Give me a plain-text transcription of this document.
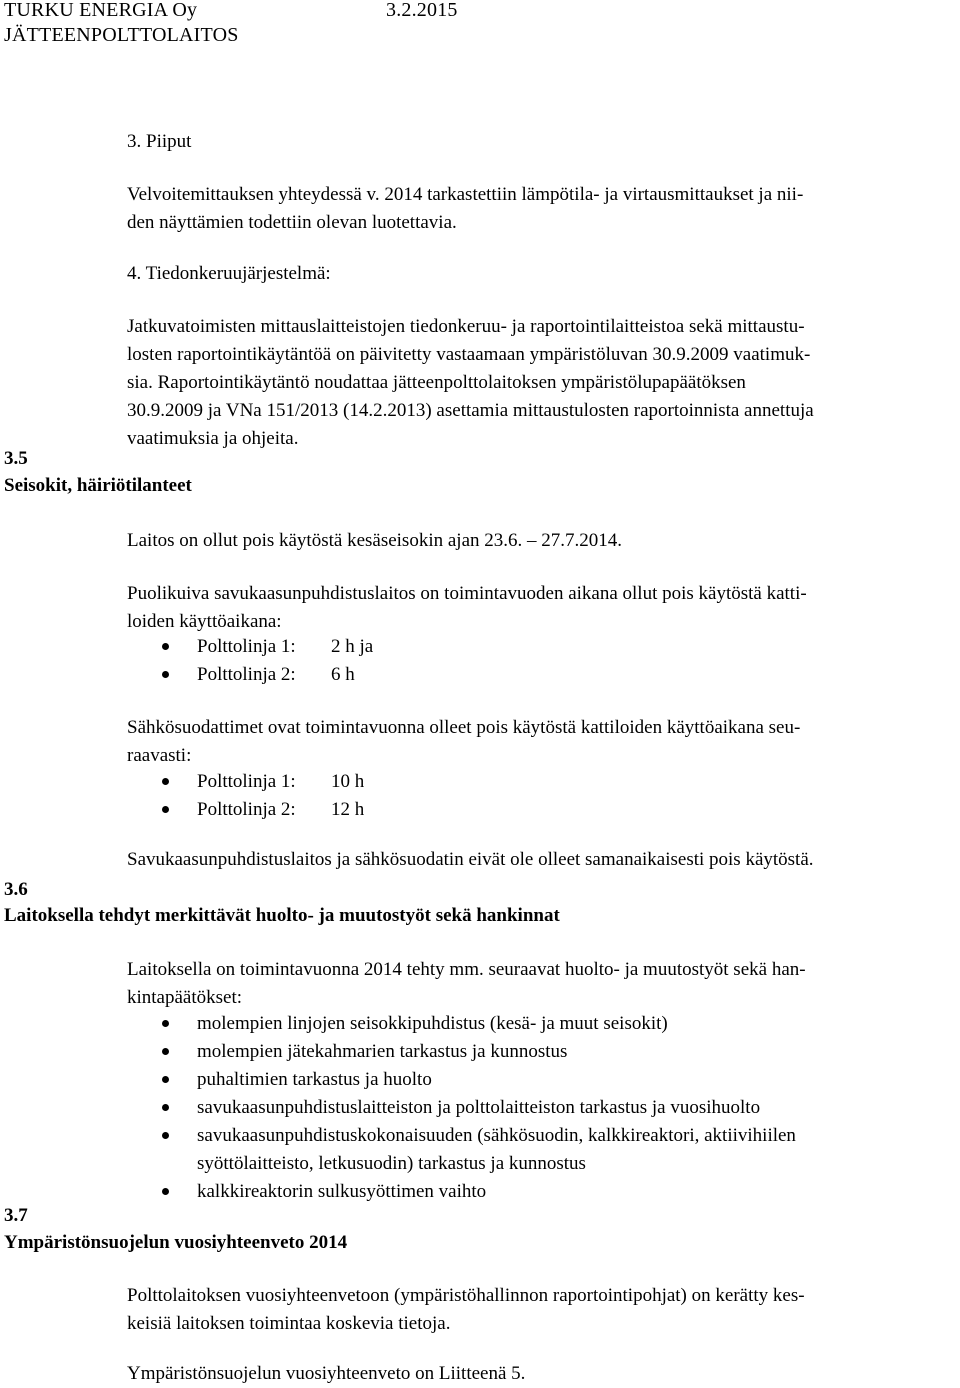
TURKU ENERGIA Oy	3.2.2015
JÄTTEENPOLTTOLAITOS
3. Piiput
Velvoitemittauksen yhteydessä v. 2014 tarkastettiin lämpötila- ja virtausmittaukset ja nii-
den näyttämien todettiin olevan luotettavia.
4. Tiedonkeruujärjestelmä:
Jatkuvatoimisten mittauslaitteistojen tiedonkeruu- ja raportointilaitteistoa sekä mittaustu-
losten raportointikäytäntöä on päivitetty vastaamaan ympäristöluvan 30.9.2009 vaatimuk-
sia. Raportointikäytäntö noudattaa jätteenpolttolaitoksen ympäristölupapäätöksen
30.9.2009 ja VNa 151/2013 (14.2.2013) asettamia mittaustulosten raportoinnista annettuja
vaatimuksia ja ohjeita.
3.5
Seisokit, häiriötilanteet
Laitos on ollut pois käytöstä kesäseisokin ajan 23.6. – 27.7.2014.
Puolikuiva savukaasunpuhdistuslaitos on toimintavuoden aikana ollut pois käytöstä katti-
loiden käyttöaikana:
Polttolinja 1: 2 h ja
Polttolinja 2: 6 h
Sähkösuodattimet ovat toimintavuonna olleet pois käytöstä kattiloiden käyttöaikana seu-
raavasti:
Polttolinja 1: 10 h
Polttolinja 2: 12 h
Savukaasunpuhdistuslaitos ja sähkösuodatin eivät ole olleet samanaikaisesti pois käytöstä.
3.6
Laitoksella tehdyt merkittävät huolto- ja muutostyöt sekä hankinnat
Laitoksella on toimintavuonna 2014 tehty mm. seuraavat huolto- ja muutostyöt sekä han-
kintapäätökset:
molempien linjojen seisokkipuhdistus (kesä- ja muut seisokit)
molempien jätekahmarien tarkastus ja kunnostus
puhaltimien tarkastus ja huolto
savukaasunpuhdistuslaitteiston ja polttolaitteiston tarkastus ja vuosihuolto
savukaasunpuhdistuskokonaisuuden (sähkösuodin, kalkkireaktori, aktiivihiilen
syöttölaitteisto, letkusuodin) tarkastus ja kunnostus
kalkkireaktorin sulkusyöttimen vaihto
3.7
Ympäristönsuojelun vuosiyhteenveto 2014
Polttolaitoksen vuosiyhteenvetoon (ympäristöhallinnon raportointipohjat) on kerätty kes-
keisiä laitoksen toimintaa koskevia tietoja.
Ympäristönsuojelun vuosiyhteenveto on Liitteenä 5.
